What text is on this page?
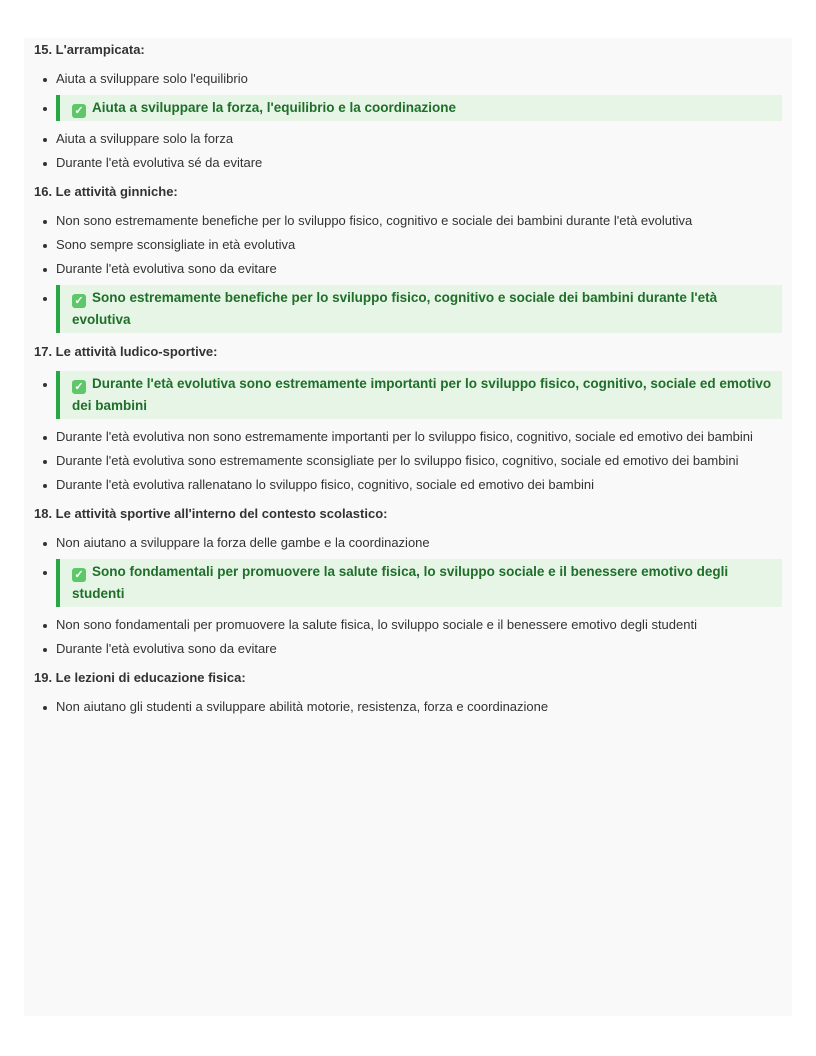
15. L'arrampicata:
Aiuta a sviluppare solo l'equilibrio
✓ Aiuta a sviluppare la forza, l'equilibrio e la coordinazione
Aiuta a sviluppare solo la forza
Durante l'età evolutiva sé da evitare
16. Le attività ginniche:
Non sono estremamente benefiche per lo sviluppo fisico, cognitivo e sociale dei bambini durante l'età evolutiva
Sono sempre sconsigliate in età evolutiva
Durante l'età evolutiva sono da evitare
✓ Sono estremamente benefiche per lo sviluppo fisico, cognitivo e sociale dei bambini durante l'età evolutiva
17. Le attività ludico-sportive:
✓ Durante l'età evolutiva sono estremamente importanti per lo sviluppo fisico, cognitivo, sociale ed emotivo dei bambini
Durante l'età evolutiva non sono estremamente importanti per lo sviluppo fisico, cognitivo, sociale ed emotivo dei bambini
Durante l'età evolutiva sono estremamente sconsigliate per lo sviluppo fisico, cognitivo, sociale ed emotivo dei bambini
Durante l'età evolutiva rallenatano lo sviluppo fisico, cognitivo, sociale ed emotivo dei bambini
18. Le attività sportive all'interno del contesto scolastico:
Non aiutano a sviluppare la forza delle gambe e la coordinazione
✓ Sono fondamentali per promuovere la salute fisica, lo sviluppo sociale e il benessere emotivo degli studenti
Non sono fondamentali per promuovere la salute fisica, lo sviluppo sociale e il benessere emotivo degli studenti
Durante l'età evolutiva sono da evitare
19. Le lezioni di educazione fisica:
Non aiutano gli studenti a sviluppare abilità motorie, resistenza, forza e coordinazione
